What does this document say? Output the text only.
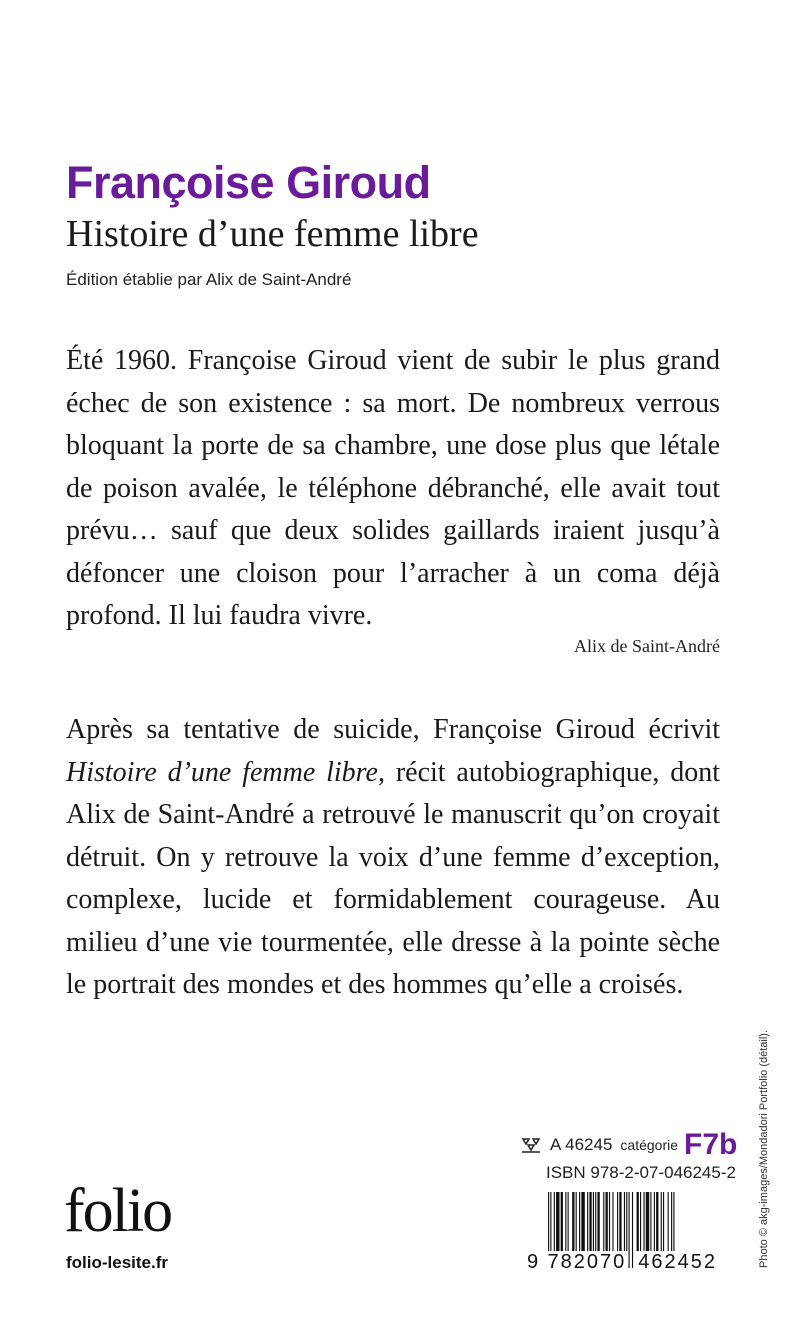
Françoise Giroud
Histoire d’une femme libre
Édition établie par Alix de Saint-André
Été 1960. Françoise Giroud vient de subir le plus grand échec de son existence : sa mort. De nombreux verrous bloquant la porte de sa chambre, une dose plus que létale de poison avalée, le téléphone débranché, elle avait tout prévu… sauf que deux solides gaillards iraient jusqu’à défoncer une cloison pour l’arracher à un coma déjà profond. Il lui faudra vivre.
Alix de Saint-André
Après sa tentative de suicide, Françoise Giroud écrivit Histoire d’une femme libre, récit autobiographique, dont Alix de Saint-André a retrouvé le manuscrit qu’on croyait détruit. On y retrouve la voix d’une femme d’exception, complexe, lucide et formidablement courageuse. Au milieu d’une vie tourmentée, elle dresse à la pointe sèche le portrait des mondes et des hommes qu’elle a croisés.
Photo © akg-images/Mondadori Portfolio (détail).
folio
folio-lesite.fr
A 46245 catégorie F7b
ISBN 978-2-07-046245-2
9 782070 462452
